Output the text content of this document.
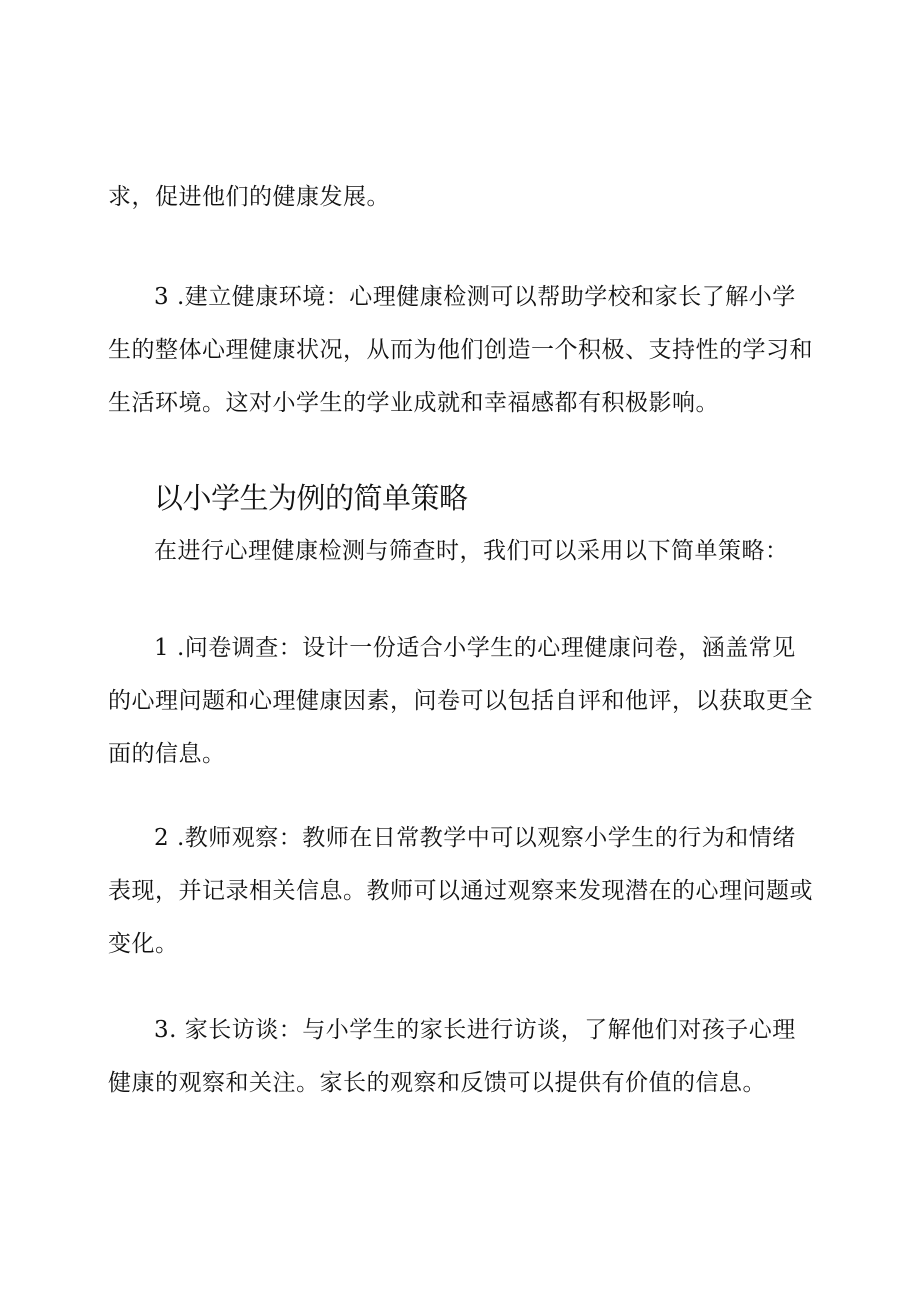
求，促进他们的健康发展。

3 .建立健康环境：心理健康检测可以帮助学校和家长了解小学生的整体心理健康状况，从而为他们创造一个积极、支持性的学习和生活环境。这对小学生的学业成就和幸福感都有积极影响。

以小学生为例的简单策略

在进行心理健康检测与筛查时，我们可以采用以下简单策略：

1 .问卷调查：设计一份适合小学生的心理健康问卷，涵盖常见的心理问题和心理健康因素，问卷可以包括自评和他评，以获取更全面的信息。

2 .教师观察：教师在日常教学中可以观察小学生的行为和情绪表现，并记录相关信息。教师可以通过观察来发现潜在的心理问题或变化。

3. 家长访谈：与小学生的家长进行访谈，了解他们对孩子心理健康的观察和关注。家长的观察和反馈可以提供有价值的信息。
